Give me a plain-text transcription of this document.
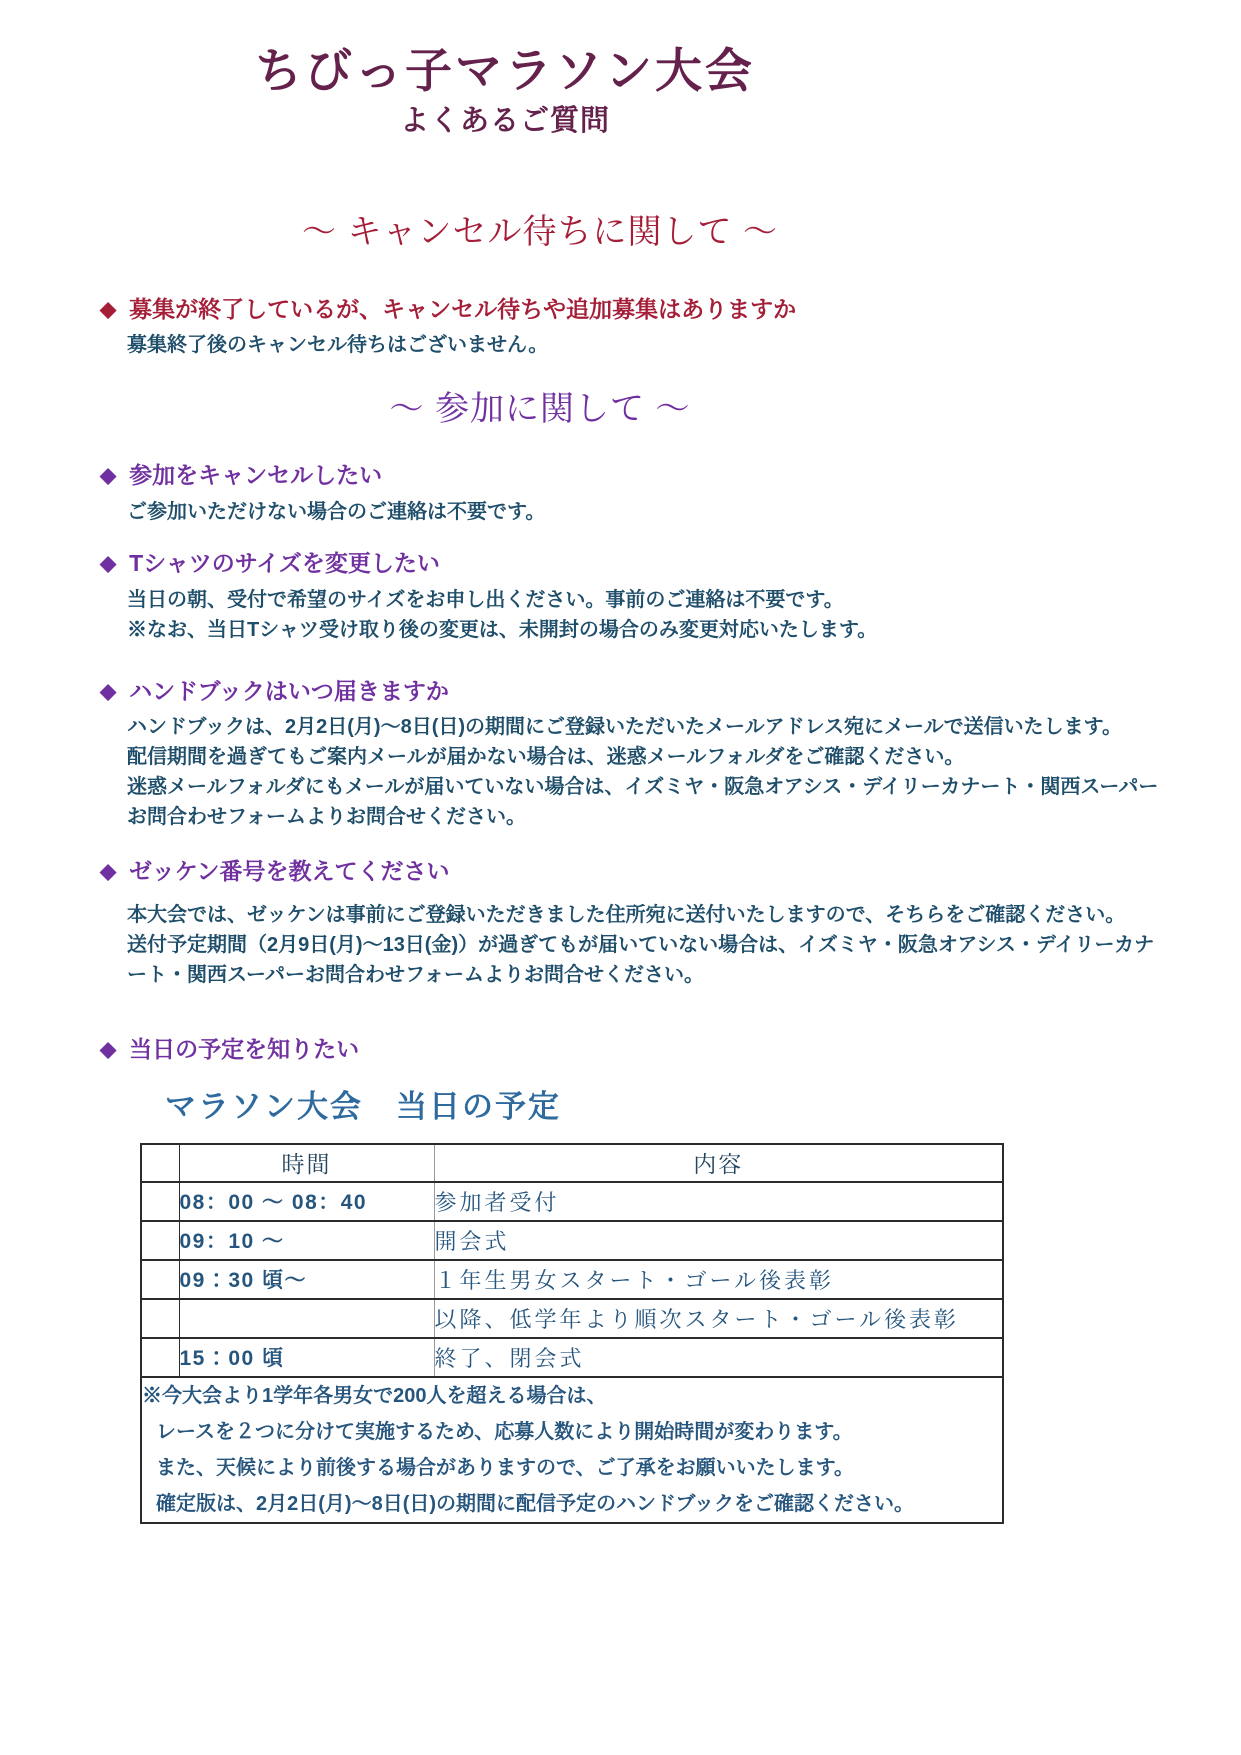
ちびっ子マラソン大会
よくあるご質問
～ キャンセル待ちに関して ～
◆ 募集が終了しているが、キャンセル待ちや追加募集はありますか

募集終了後のキャンセル待ちはございません。

～ 参加に関して ～
◆ 参加をキャンセルしたい

ご参加いただけない場合のご連絡は不要です。

◆ Tシャツのサイズを変更したい

当日の朝、受付で希望のサイズをお申し出ください。事前のご連絡は不要です。

※なお、当日Tシャツ受け取り後の変更は、未開封の場合のみ変更対応いたします。

◆ ハンドブックはいつ届きますか

ハンドブックは、2月2日(月)～8日(日)の期間にご登録いただいたメールアドレス宛にメールで送信いたします。

配信期間を過ぎてもご案内メールが届かない場合は、迷惑メールフォルダをご確認ください。

迷惑メールフォルダにもメールが届いていない場合は、イズミヤ・阪急オアシス・デイリーカナート・関西スーパーお問合わせフォームよりお問合せください。

◆ ゼッケン番号を教えてください

本大会では、ゼッケンは事前にご登録いただきました住所宛に送付いたしますので、そちらをご確認ください。

送付予定期間（2月9日(月)～13日(金)）が過ぎてもが届いていない場合は、イズミヤ・阪急オアシス・デイリーカナート・関西スーパーお問合わせフォームよりお問合せください。

◆ 当日の予定を知りたい
マラソン大会　当日の予定
	時間	内容
	08：00 ～ 08：40	参加者受付
	09：10 ～	開会式
	09：30 頃～	１年生男女スタート・ゴール後表彰
		以降、低学年より順次スタート・ゴール後表彰
	15：00 頃	終了、閉会式

※今大会より1学年各男女で200人を超える場合は、

レースを２つに分けて実施するため、応募人数により開始時間が変わります。

また、天候により前後する場合がありますので、ご了承をお願いいたします。

確定版は、2月2日(月)～8日(日)の期間に配信予定のハンドブックをご確認ください。		
